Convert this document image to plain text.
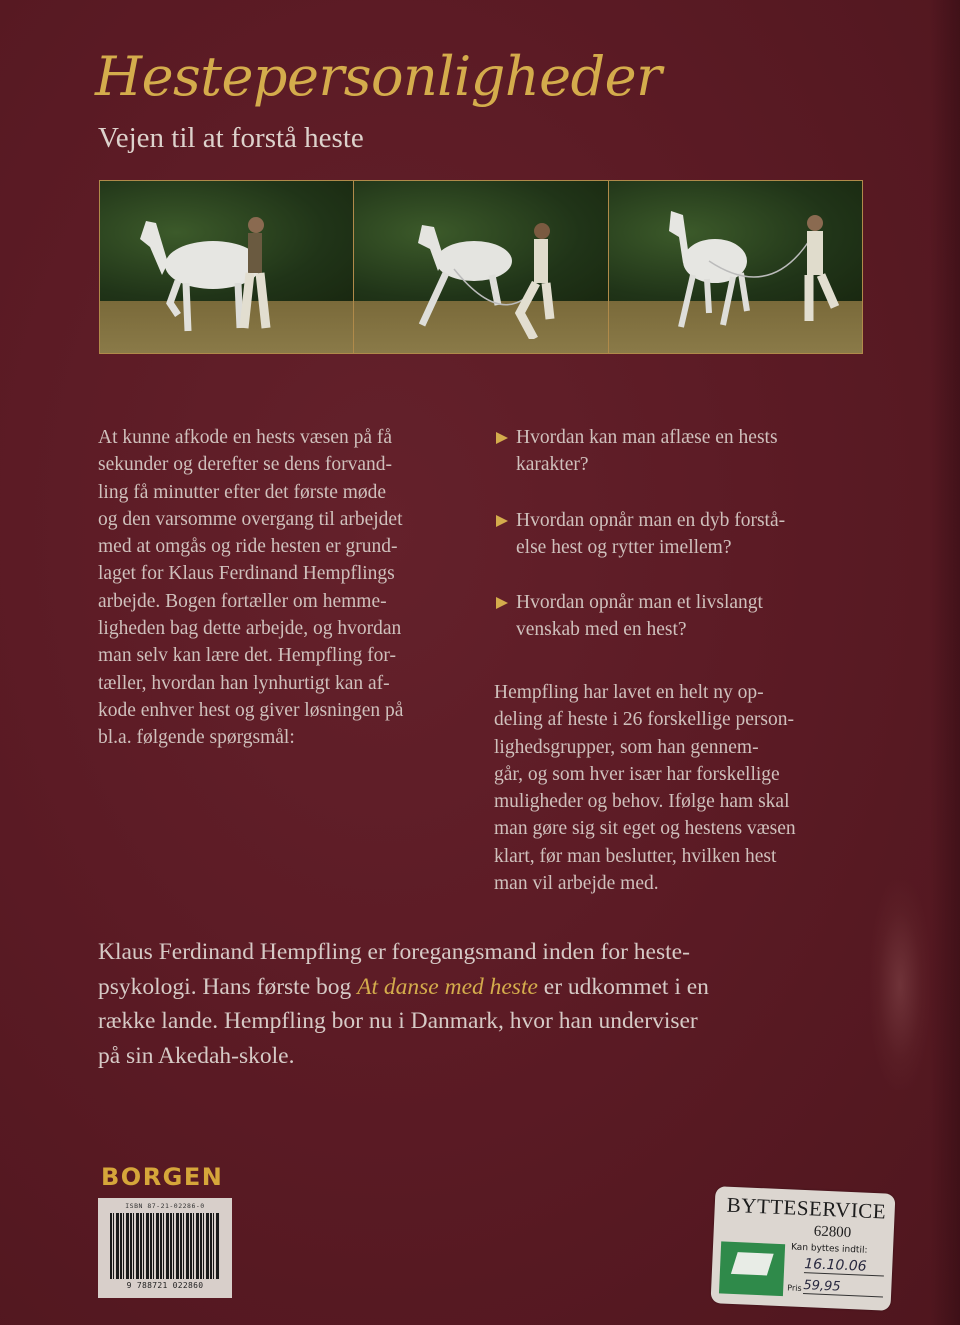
Hestepersonligheder
Vejen til at forstå heste
At kunne afkode en hests væsen på få
sekunder og derefter se dens forvand-
ling få minutter efter det første møde
og den varsomme overgang til arbejdet
med at omgås og ride hesten er grund-
laget for Klaus Ferdinand Hempflings
arbejde. Bogen fortæller om hemme-
ligheden bag dette arbejde, og hvordan
man selv kan lære det. Hempfling for-
tæller, hvordan han lynhurtigt kan af-
kode enhver hest og giver løsningen på
bl.a. følgende spørgsmål:
Hvordan kan man aflæse en hests
karakter?
Hvordan opnår man en dyb forstå-
else hest og rytter imellem?
Hvordan opnår man et livslangt
venskab med en hest?
Hempfling har lavet en helt ny op-
deling af heste i 26 forskellige person-
lighedsgrupper, som han gennem-
går, og som hver især har forskellige
muligheder og behov. Ifølge ham skal
man gøre sig sit eget og hestens væsen
klart, før man beslutter, hvilken hest
man vil arbejde med.
Klaus Ferdinand Hempfling er foregangsmand inden for heste-
psykologi. Hans første bog At danse med heste er udkommet i en
række lande. Hempfling bor nu i Danmark, hvor han underviser
på sin Akedah-skole.
BORGEN
ISBN 87-21-02286-0
9 788721 022860
BYTTESERVICE
62800
Kan byttes indtil:
16.10.06
Pris 59,95
